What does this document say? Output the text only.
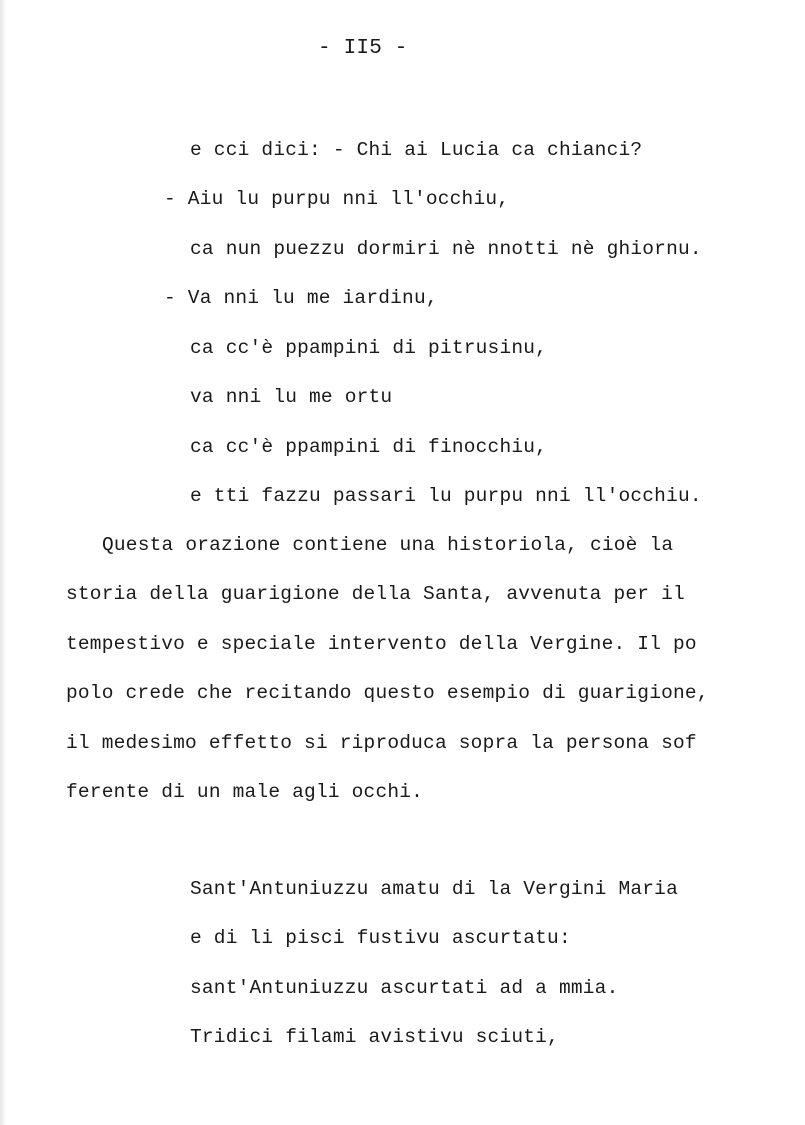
- II5 -
e cci dici: - Chi ai Lucia ca chianci?
- Aiu lu purpu nni ll'occhiu,
ca nun puezzu dormiri nè nnotti nè ghiornu.
- Va nni lu me iardinu,
ca cc'è ppampini di pitrusinu,
va nni lu me ortu
ca cc'è ppampini di finocchiu,
e tti fazzu passari lu purpu nni ll'occhiu.
Questa orazione contiene una historiola, cioè la
storia della guarigione della Santa, avvenuta per il
tempestivo e speciale intervento della Vergine. Il po
polo crede che recitando questo esempio di guarigione,
il medesimo effetto si riproduca sopra la persona sof
ferente di un male agli occhi.
Sant'Antuniuzzu amatu di la Vergini Maria
e di li pisci fustivu ascurtatu:
sant'Antuniuzzu ascurtati ad a mmia.
Tridici filami avistivu sciuti,
